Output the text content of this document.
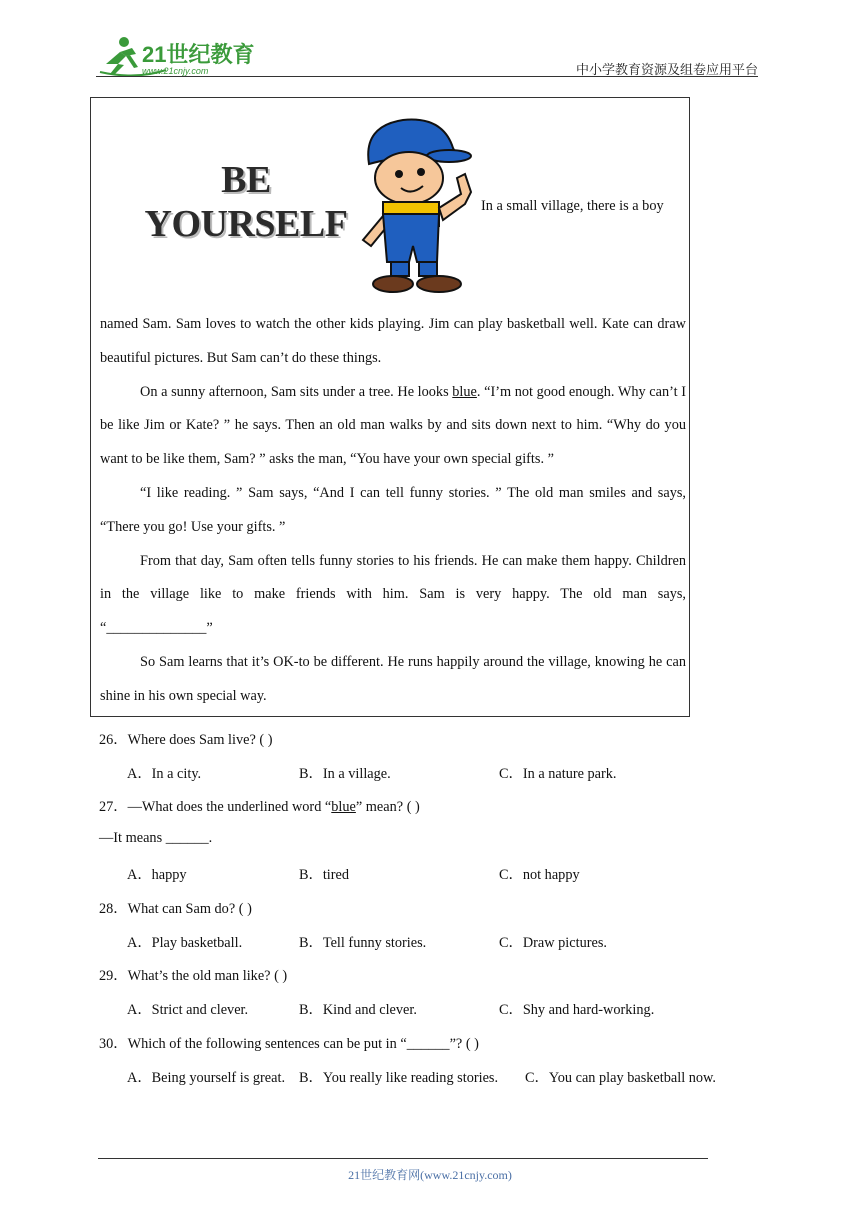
21世纪教育
www.21cnjy.com	中小学教育资源及组卷应用平台
BE
YOURSELF	In a small village, there is a boy
named Sam. Sam loves to watch the other kids playing. Jim can play basketball well. Kate can draw beautiful pictures. But Sam can’t do these things.
On a sunny afternoon, Sam sits under a tree. He looks blue. “I’m not good enough. Why can’t I be like Jim or Kate? ” he says. Then an old man walks by and sits down next to him. “Why do you want to be like them, Sam? ” asks the man, “You have your own special gifts. ”
“I like reading. ” Sam says, “And I can tell funny stories. ” The old man smiles and says, “There you go! Use your gifts. ”
From that day, Sam often tells funny stories to his friends. He can make them happy. Children in the village like to make friends with him. Sam is very happy. The old man says, “______________”
So Sam learns that it’s OK-to be different. He runs happily around the village, knowing he can shine in his own special way.
26．Where does Sam live? ( )
A．In a city.	B．In a village.	C．In a nature park.
27．—What does the underlined word “blue” mean? ( )
—It means ______.
A．happy	B．tired	C．not happy
28．What can Sam do? ( )
A．Play basketball.	B．Tell funny stories.	C．Draw pictures.
29．What’s the old man like? ( )
A．Strict and clever.	B．Kind and clever.	C．Shy and hard-working.
30．Which of the following sentences can be put in “______”? ( )
A．Being yourself is great. B．You really like reading stories. C．You can play basketball now.
21世纪教育网(www.21cnjy.com)
